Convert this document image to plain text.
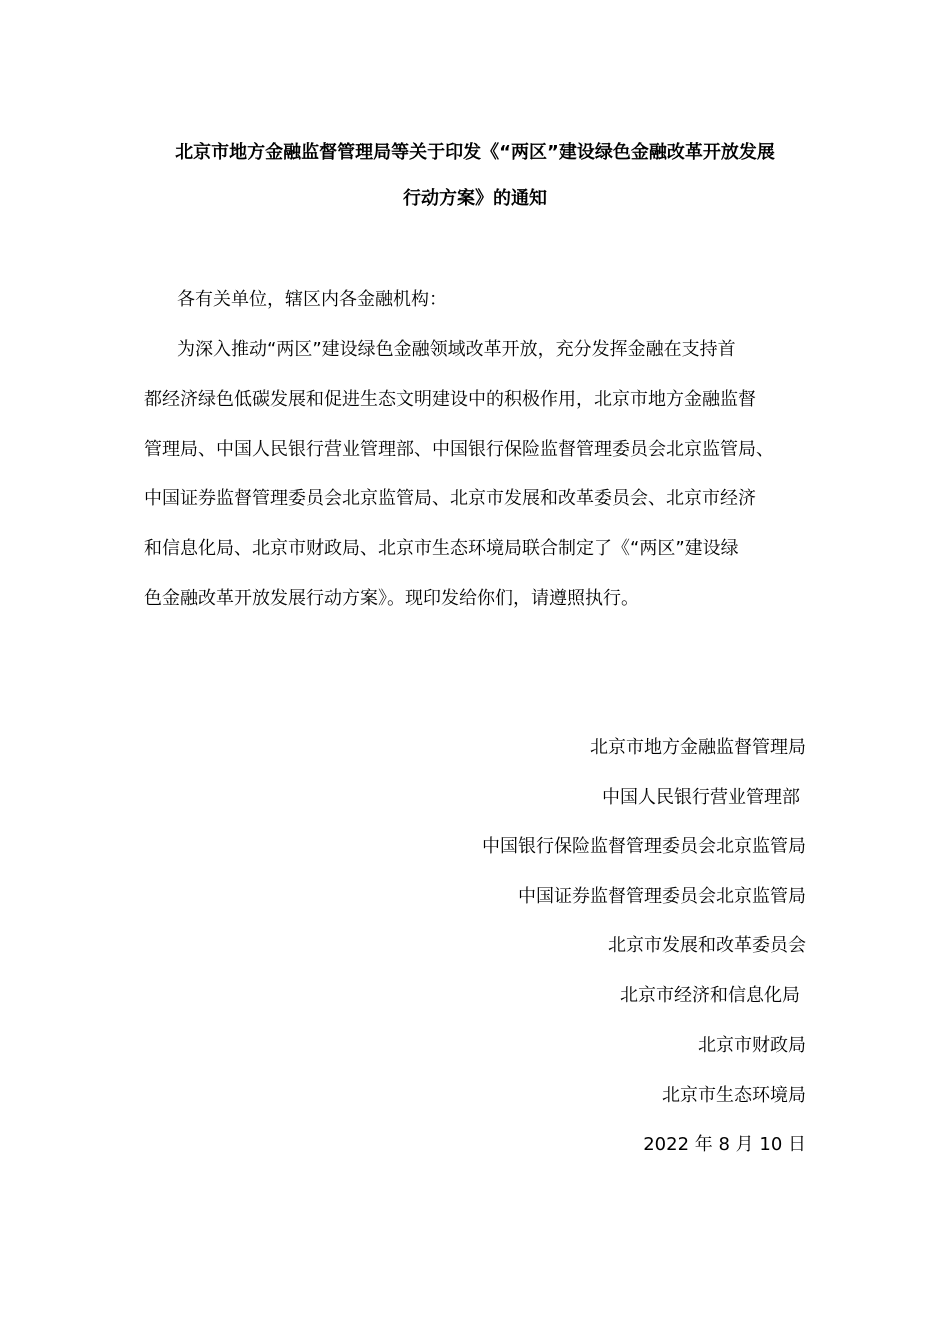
北京市地方金融监督管理局等关于印发《“两区”建设绿色金融改革开放发展
行动方案》的通知
各有关单位，辖区内各金融机构：
为深入推动“两区”建设绿色金融领域改革开放，充分发挥金融在支持首
都经济绿色低碳发展和促进生态文明建设中的积极作用，北京市地方金融监督
管理局、中国人民银行营业管理部、中国银行保险监督管理委员会北京监管局、
中国证券监督管理委员会北京监管局、北京市发展和改革委员会、北京市经济
和信息化局、北京市财政局、北京市生态环境局联合制定了《“两区”建设绿
色金融改革开放发展行动方案》。现印发给你们，请遵照执行。
北京市地方金融监督管理局
中国人民银行营业管理部
中国银行保险监督管理委员会北京监管局
中国证券监督管理委员会北京监管局
北京市发展和改革委员会
北京市经济和信息化局
北京市财政局
北京市生态环境局
2022 年 8 月 10 日
